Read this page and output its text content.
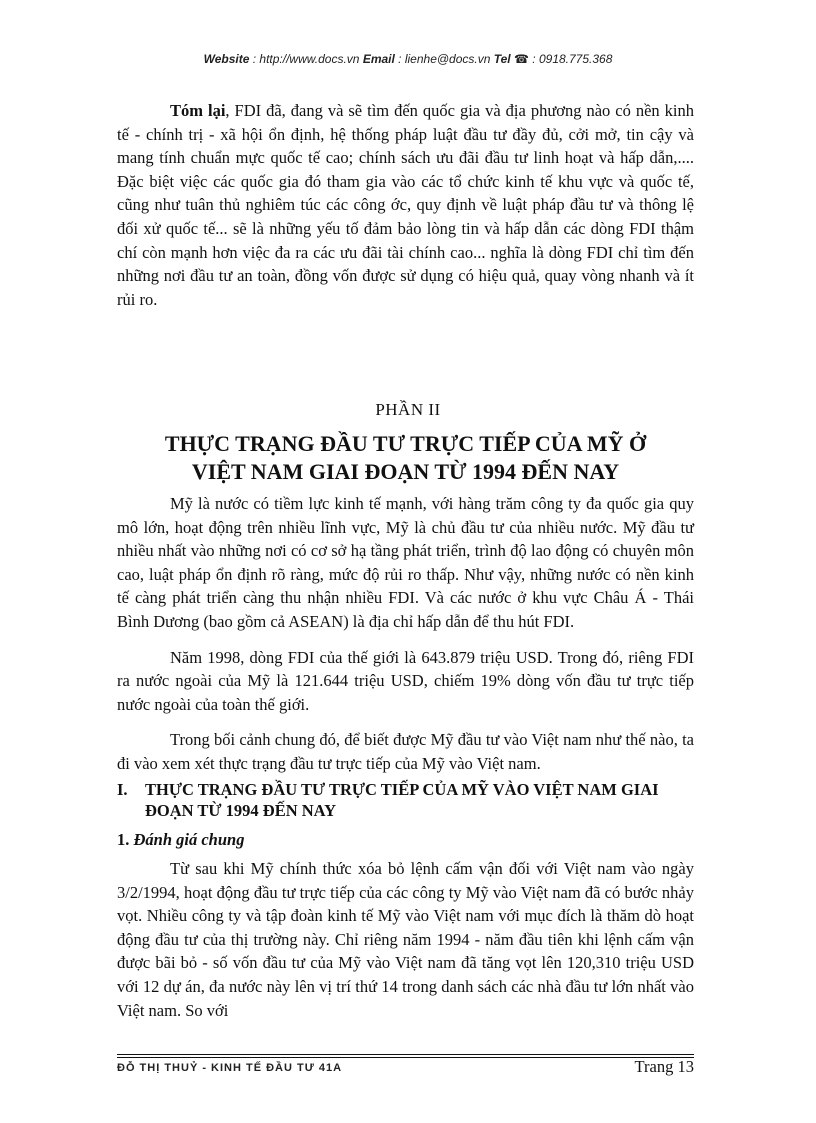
Website : http://www.docs.vn Email : lienhe@docs.vn Tel ☎ : 0918.775.368

Tóm lại, FDI đã, đang và sẽ tìm đến quốc gia và địa phương nào có nền kinh tế - chính trị - xã hội ổn định, hệ thống pháp luật đầu tư đầy đủ, cởi mở, tin cậy và mang tính chuẩn mực quốc tế cao; chính sách ưu đãi đầu tư linh hoạt và hấp dẫn,.... Đặc biệt việc các quốc gia đó tham gia vào các tổ chức kinh tế khu vực và quốc tế, cũng như tuân thủ nghiêm túc các công ớc, quy định về luật pháp đầu tư và thông lệ đối xử quốc tế... sẽ là những yếu tố đảm bảo lòng tin và hấp dẫn các dòng FDI thậm chí còn mạnh hơn việc đa ra các ưu đãi tài chính cao... nghĩa là dòng FDI chỉ tìm đến những nơi đầu tư an toàn, đồng vốn được sử dụng có hiệu quả, quay vòng nhanh và ít rủi ro.

PHẦN II
THỰC TRẠNG ĐẦU TƯ TRỰC TIẾP CỦA MỸ Ở
VIỆT NAM GIAI ĐOẠN TỪ 1994 ĐẾN NAY

Mỹ là nước có tiềm lực kinh tế mạnh, với hàng trăm công ty đa quốc gia quy mô lớn, hoạt động trên nhiều lĩnh vực, Mỹ là chủ đầu tư của nhiều nước. Mỹ đầu tư nhiều nhất vào những nơi có cơ sở hạ tầng phát triển, trình độ lao động có chuyên môn cao, luật pháp ổn định rõ ràng, mức độ rủi ro thấp. Như vậy, những nước có nền kinh tế càng phát triển càng thu nhận nhiều FDI. Và các nước ở khu vực Châu Á - Thái Bình Dương (bao gồm cả ASEAN) là địa chỉ hấp dẫn để thu hút FDI.

Năm 1998, dòng FDI của thế giới là 643.879 triệu USD. Trong đó, riêng FDI ra nước ngoài của Mỹ là 121.644 triệu USD, chiếm 19% dòng vốn đầu tư trực tiếp nước ngoài của toàn thế giới.

Trong bối cảnh chung đó, để biết được Mỹ đầu tư vào Việt nam như thế nào, ta đi vào xem xét thực trạng đầu tư trực tiếp của Mỹ vào Việt nam.

I.	THỰC TRẠNG ĐẦU TƯ TRỰC TIẾP CỦA MỸ VÀO VIỆT NAM GIAI ĐOẠN TỪ 1994 ĐẾN NAY
1. Đánh giá chung

Từ sau khi Mỹ chính thức xóa bỏ lệnh cấm vận đối với Việt nam vào ngày 3/2/1994, hoạt động đầu tư trực tiếp của các công ty Mỹ vào Việt nam đã có bước nhảy vọt. Nhiều công ty và tập đoàn kinh tế Mỹ vào Việt nam với mục đích là thăm dò hoạt động đầu tư của thị trường này. Chỉ riêng năm 1994 - năm đầu tiên khi lệnh cấm vận được bãi bỏ - số vốn đầu tư của Mỹ vào Việt nam đã tăng vọt lên 120,310 triệu USD với 12 dự án, đa nước này lên vị trí thứ 14 trong danh sách các nhà đầu tư lớn nhất vào Việt nam. So với

ĐỖ THỊ THUỶ - KINH TẾ ĐẦU TƯ 41A	Trang 13
